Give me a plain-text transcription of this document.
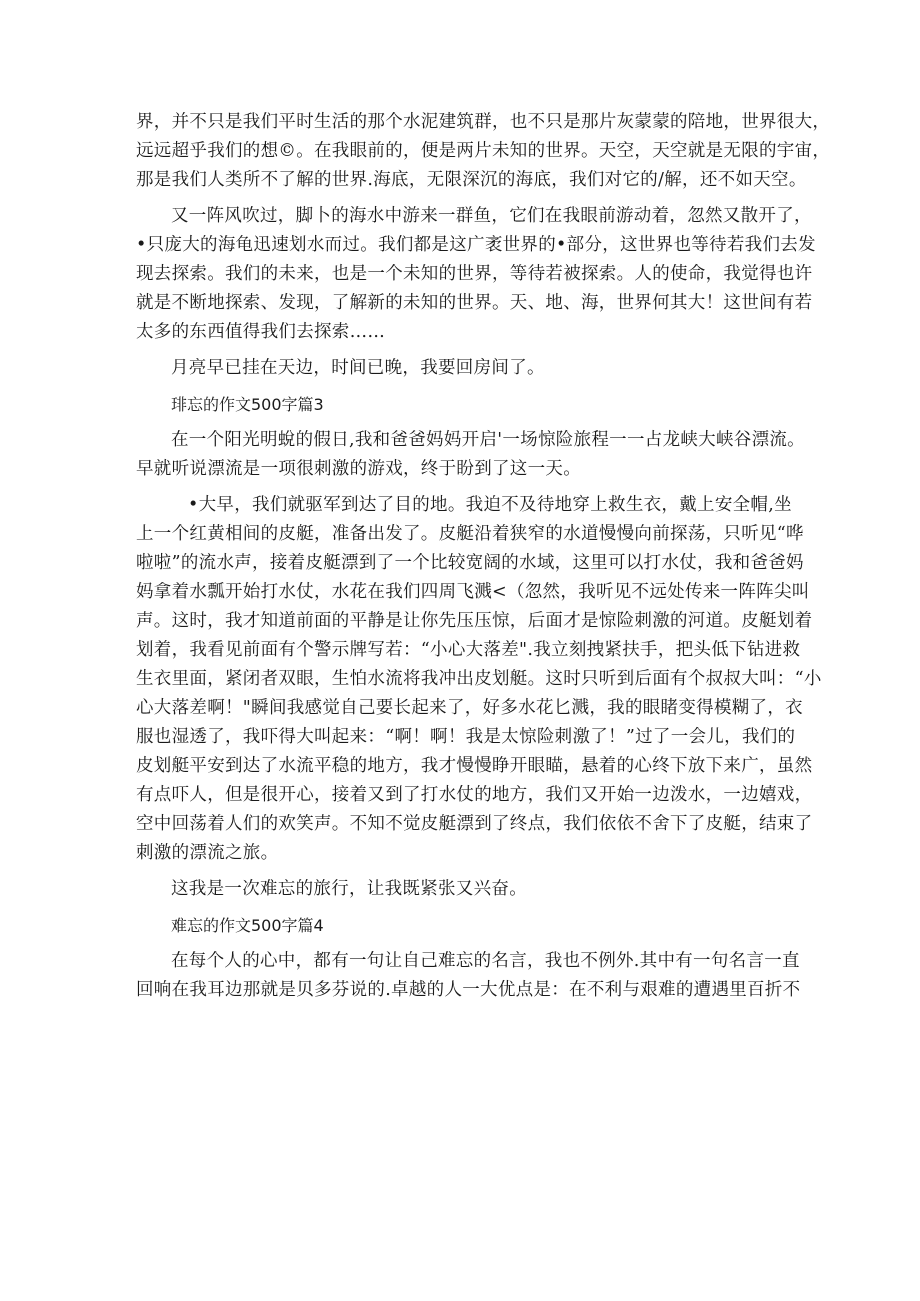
界，并不只是我们平时生活的那个水泥建筑群，也不只是那片灰蒙蒙的陪地，世界很大，
远远超乎我们的想©。在我眼前的，便是两片未知的世界。天空，天空就是无限的宇宙，
那是我们人类所不了解的世界.海底，无限深沉的海底，我们对它的/解，还不如天空。
又一阵风吹过，脚卜的海水中游来一群鱼，它们在我眼前游动着，忽然又散开了，
•只庞大的海龟迅速划水而过。我们都是这广袤世界的•部分，这世界也等待若我们去发
现去探索。我们的未来，也是一个未知的世界，等待若被探索。人的使命，我觉得也许
就是不断地探索、发现，了解新的未知的世界。天、地、海，世界何其大！这世间有若
太多的东西值得我们去探索……
月亮早已挂在天边，时间已晚，我要回房间了。
琲忘的作文500字篇3
在一个阳光明蛻的假日,我和爸爸妈妈开启'一场惊险旅程一一占龙峡大峡谷漂流。
早就听说漂流是一项很刺激的游戏，终于盼到了这一天。
•大早，我们就驱军到达了目的地。我迫不及待地穿上救生衣，戴上安全帽,坐
上一个红黄相间的皮艇，准备出发了。皮艇沿着狭窄的水道慢慢向前探荡，只听见“哗
啦啦”的流水声，接着皮艇漂到了一个比较宽阔的水域，这里可以打水仗，我和爸爸妈
妈拿着水瓢开始打水仗，水花在我们四周飞溅<（忽然，我听见不远处传来一阵阵尖叫
声。这时，我才知道前面的平静是让你先压压惊，后面才是惊险刺激的河道。皮艇划着
划着，我看见前面有个警示牌写若：“小心大落差".我立刻拽紧扶手，把头低下钻进救
生衣里面，紧闭者双眼，生怕水流将我冲出皮划艇。这时只听到后面有个叔叔大叫：“小
心大落差啊！"瞬间我感觉自己要长起来了，好多水花匕溅，我的眼睹变得模糊了，衣
服也湿透了，我吓得大叫起来：“啊！啊！我是太惊险刺激了！”过了一会儿，我们的
皮划艇平安到达了水流平稳的地方，我才慢慢睁开眼瞄，悬着的心终下放下来广，虽然
有点吓人，但是很开心，接着又到了打水仗的地方，我们又开始一边泼水，一边嬉戏，
空中回荡着人们的欢笑声。不知不觉皮艇漂到了终点，我们依依不舍下了皮艇，结束了
刺激的漂流之旅。
这我是一次难忘的旅行，让我既紧张又兴奋。
难忘的作文500字篇4
在每个人的心中，都有一句让自己难忘的名言，我也不例外.其中有一句名言一直
回响在我耳边那就是贝多芬说的.卓越的人一大优点是：在不利与艰难的遭遇里百折不
